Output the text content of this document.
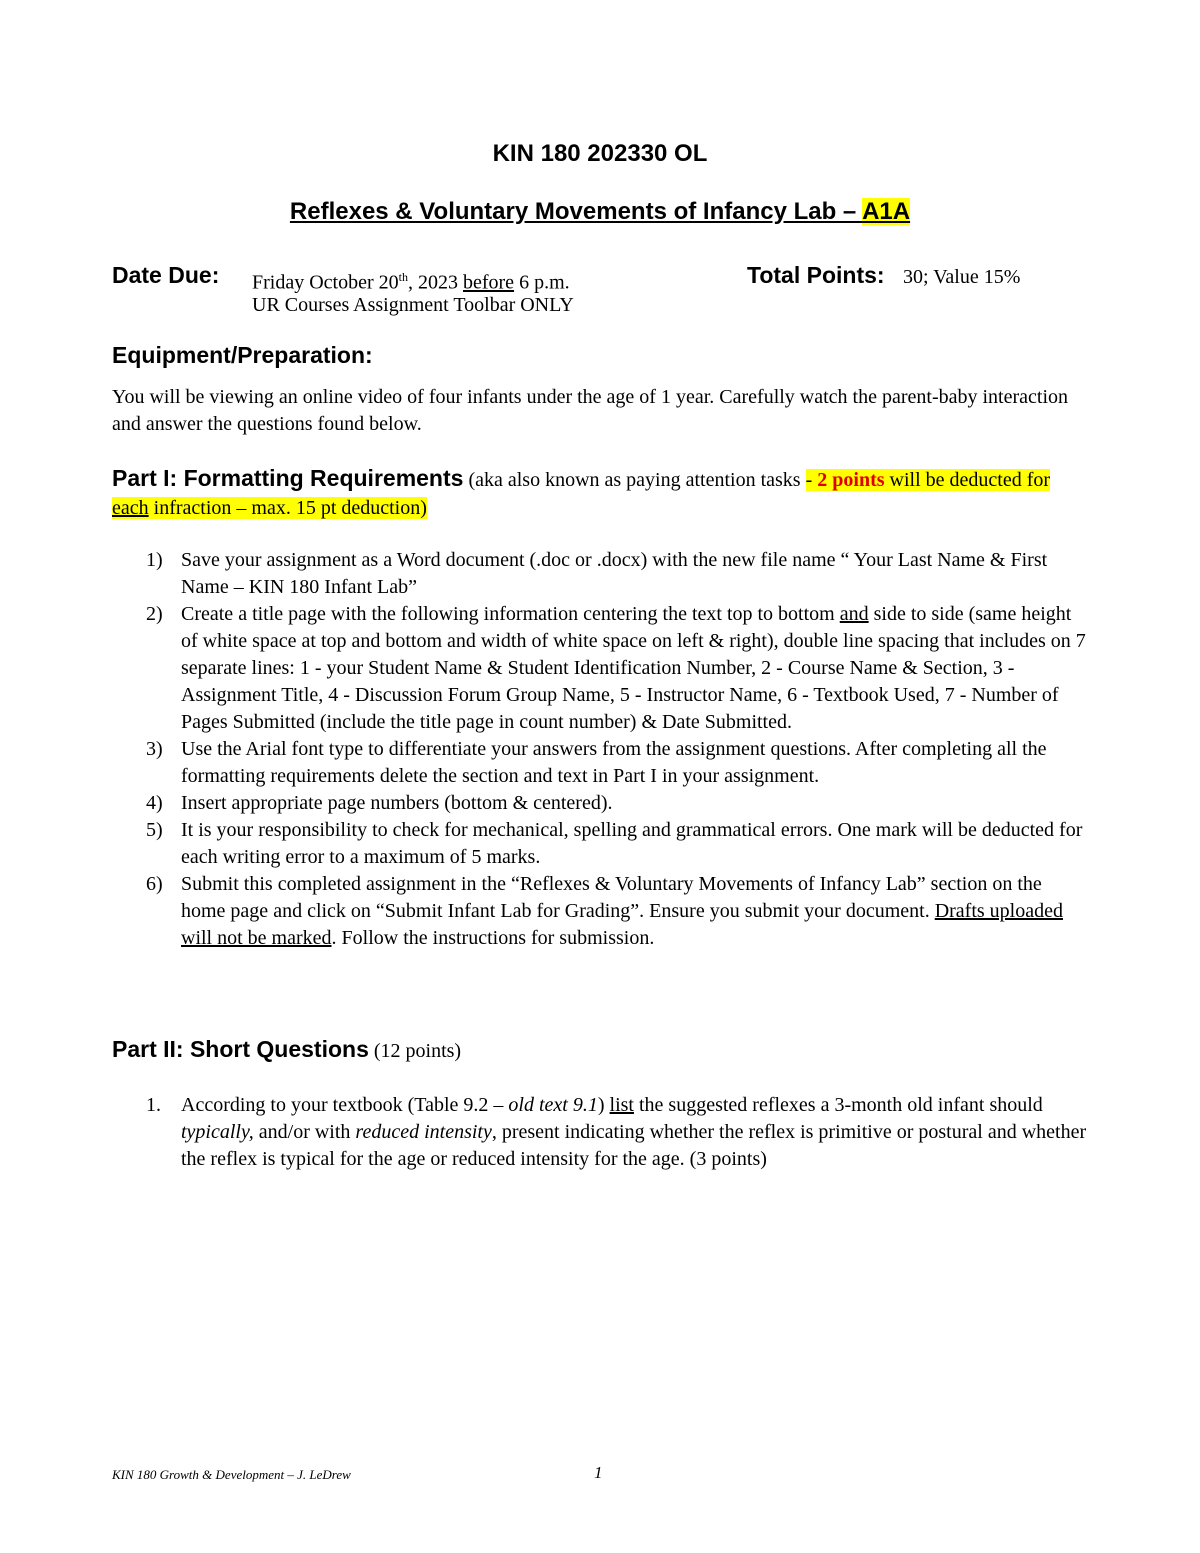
KIN 180 202330 OL
Reflexes & Voluntary Movements of Infancy Lab – A1A
Date Due: Friday October 20th, 2023 before 6 p.m.
UR Courses Assignment Toolbar ONLY
Total Points: 30; Value 15%
Equipment/Preparation:
You will be viewing an online video of four infants under the age of 1 year. Carefully watch the parent-baby interaction and answer the questions found below.
Part I: Formatting Requirements (aka also known as paying attention tasks - 2 points will be deducted for each infraction – max. 15 pt deduction)
1) Save your assignment as a Word document (.doc or .docx) with the new file name “ Your Last Name & First Name – KIN 180 Infant Lab”
2) Create a title page with the following information centering the text top to bottom and side to side (same height of white space at top and bottom and width of white space on left & right), double line spacing that includes on 7 separate lines: 1 - your Student Name & Student Identification Number, 2 - Course Name & Section, 3 - Assignment Title, 4 - Discussion Forum Group Name, 5 - Instructor Name, 6 - Textbook Used, 7 - Number of Pages Submitted (include the title page in count number) & Date Submitted.
3) Use the Arial font type to differentiate your answers from the assignment questions. After completing all the formatting requirements delete the section and text in Part I in your assignment.
4) Insert appropriate page numbers (bottom & centered).
5) It is your responsibility to check for mechanical, spelling and grammatical errors. One mark will be deducted for each writing error to a maximum of 5 marks.
6) Submit this completed assignment in the “Reflexes & Voluntary Movements of Infancy Lab” section on the home page and click on “Submit Infant Lab for Grading”. Ensure you submit your document. Drafts uploaded will not be marked. Follow the instructions for submission.
Part II: Short Questions (12 points)
1. According to your textbook (Table 9.2 – old text 9.1) list the suggested reflexes a 3-month old infant should typically, and/or with reduced intensity, present indicating whether the reflex is primitive or postural and whether the reflex is typical for the age or reduced intensity for the age. (3 points)
KIN 180 Growth & Development – J. LeDrew	1
